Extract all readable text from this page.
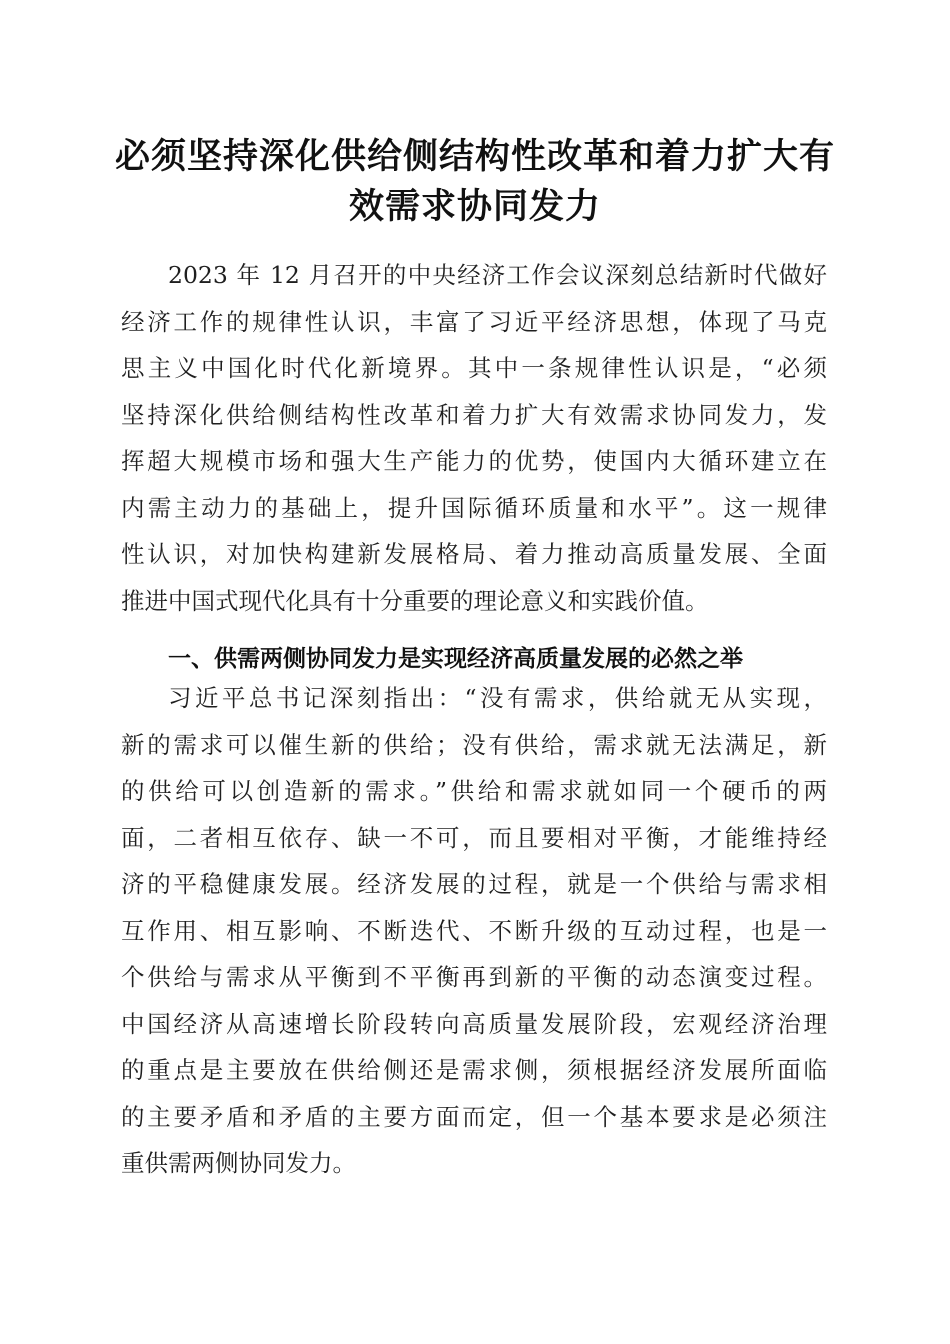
必须坚持深化供给侧结构性改革和着力扩大有
效需求协同发力
2023 年 12 月召开的中央经济工作会议深刻总结新时代做好
经济工作的规律性认识，丰富了习近平经济思想，体现了马克
思主义中国化时代化新境界。其中一条规律性认识是，“必须
坚持深化供给侧结构性改革和着力扩大有效需求协同发力，发
挥超大规模市场和强大生产能力的优势，使国内大循环建立在
内需主动力的基础上，提升国际循环质量和水平”。这一规律
性认识，对加快构建新发展格局、着力推动高质量发展、全面
推进中国式现代化具有十分重要的理论意义和实践价值。
一、供需两侧协同发力是实现经济高质量发展的必然之举
习近平总书记深刻指出：“没有需求，供给就无从实现，
新的需求可以催生新的供给；没有供给，需求就无法满足，新
的供给可以创造新的需求。”供给和需求就如同一个硬币的两
面，二者相互依存、缺一不可，而且要相对平衡，才能维持经
济的平稳健康发展。经济发展的过程，就是一个供给与需求相
互作用、相互影响、不断迭代、不断升级的互动过程，也是一
个供给与需求从平衡到不平衡再到新的平衡的动态演变过程。
中国经济从高速增长阶段转向高质量发展阶段，宏观经济治理
的重点是主要放在供给侧还是需求侧，须根据经济发展所面临
的主要矛盾和矛盾的主要方面而定，但一个基本要求是必须注
重供需两侧协同发力。
